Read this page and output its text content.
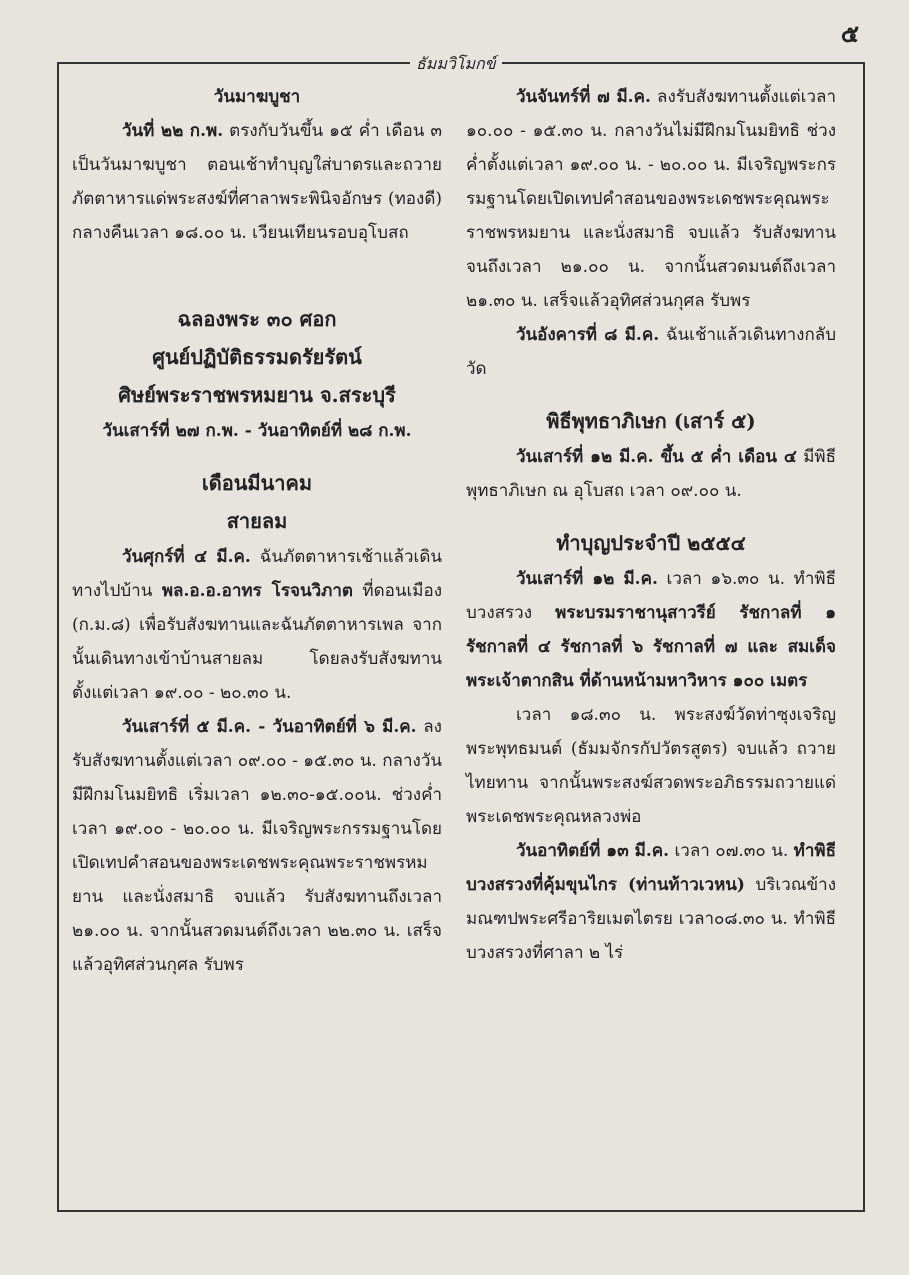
๕
ธัมมวิโมกข์

วันมาฆบูชา

วันที่ ๒๒ ก.พ. ตรงกับวันขึ้น ๑๕ ค่ำ เดือน ๓ เป็นวันมาฆบูชา ตอนเช้าทำบุญใส่บาตรและถวายภัตตาหารแด่พระสงฆ์ที่ศาลาพระพินิจอักษร (ทองดี) กลางคืนเวลา ๑๘.๐๐ น. เวียนเทียนรอบอุโบสถ

ฉลองพระ ๓๐ ศอก

ศูนย์ปฏิบัติธรรมดรัยรัตน์

ศิษย์พระราชพรหมยาน จ.สระบุรี

วันเสาร์ที่ ๒๗ ก.พ. - วันอาทิตย์ที่ ๒๘ ก.พ.

เดือนมีนาคม

สายลม

วันศุกร์ที่ ๔ มี.ค. ฉันภัตตาหารเช้าแล้วเดินทางไปบ้าน พล.อ.อ.อาทร โรจนวิภาต ที่ดอนเมือง (ก.ม.๘) เพื่อรับสังฆทานและฉันภัตตาหารเพล จากนั้นเดินทางเข้าบ้านสายลม โดยลงรับสังฆทาน ตั้งแต่เวลา ๑๙.๐๐ - ๒๐.๓๐ น.

วันเสาร์ที่ ๕ มี.ค. - วันอาทิตย์ที่ ๖ มี.ค. ลงรับสังฆทานตั้งแต่เวลา ๐๙.๐๐ - ๑๕.๓๐ น. กลางวันมีฝึกมโนมยิทธิ เริ่มเวลา ๑๒.๓๐-๑๕.๐๐น. ช่วงค่ำ เวลา ๑๙.๐๐ - ๒๐.๐๐ น. มีเจริญพระกรรมฐานโดยเปิดเทปคำสอนของพระเดชพระคุณพระราชพรหมยาน และนั่งสมาธิ จบแล้ว รับสังฆทานถึงเวลา ๒๑.๐๐ น. จากนั้นสวดมนต์ถึงเวลา ๒๒.๓๐ น. เสร็จแล้วอุทิศส่วนกุศล รับพร

วันจันทร์ที่ ๗ มี.ค. ลงรับสังฆทานตั้งแต่เวลา ๑๐.๐๐ - ๑๕.๓๐ น. กลางวันไม่มีฝึกมโนมยิทธิ ช่วงค่ำตั้งแต่เวลา ๑๙.๐๐ น. - ๒๐.๐๐ น. มีเจริญพระกรรมฐานโดยเปิดเทปคำสอนของพระเดชพระคุณพระราชพรหมยาน และนั่งสมาธิ จบแล้ว รับสังฆทานจนถึงเวลา ๒๑.๐๐ น. จากนั้นสวดมนต์ถึงเวลา ๒๑.๓๐ น. เสร็จแล้วอุทิศส่วนกุศล รับพร

วันอังคารที่ ๘ มี.ค. ฉันเช้าแล้วเดินทางกลับวัด

พิธีพุทธาภิเษก (เสาร์ ๕)

วันเสาร์ที่ ๑๒ มี.ค. ขึ้น ๕ ค่ำ เดือน ๔ มีพิธีพุทธาภิเษก ณ อุโบสถ เวลา ๐๙.๐๐ น.

ทำบุญประจำปี ๒๕๕๔

วันเสาร์ที่ ๑๒ มี.ค. เวลา ๑๖.๓๐ น. ทำพิธีบวงสรวง พระบรมราชานุสาวรีย์ รัชกาลที่ ๑ รัชกาลที่ ๔ รัชกาลที่ ๖ รัชกาลที่ ๗ และ สมเด็จพระเจ้าตากสิน ที่ด้านหน้ามหาวิหาร ๑๐๐ เมตร

เวลา ๑๘.๓๐ น. พระสงฆ์วัดท่าซุงเจริญพระพุทธมนต์ (ธัมมจักรกัปวัตรสูตร) จบแล้ว ถวายไทยทาน จากนั้นพระสงฆ์สวดพระอภิธรรมถวายแด่พระเดชพระคุณหลวงพ่อ

วันอาทิตย์ที่ ๑๓ มี.ค. เวลา ๐๗.๓๐ น. ทำพิธีบวงสรวงที่คุ้มขุนไกร (ท่านท้าวเวหน) บริเวณข้างมณฑปพระศรีอาริยเมตไตรย เวลา๐๘.๓๐ น. ทำพิธีบวงสรวงที่ศาลา ๒ ไร่
